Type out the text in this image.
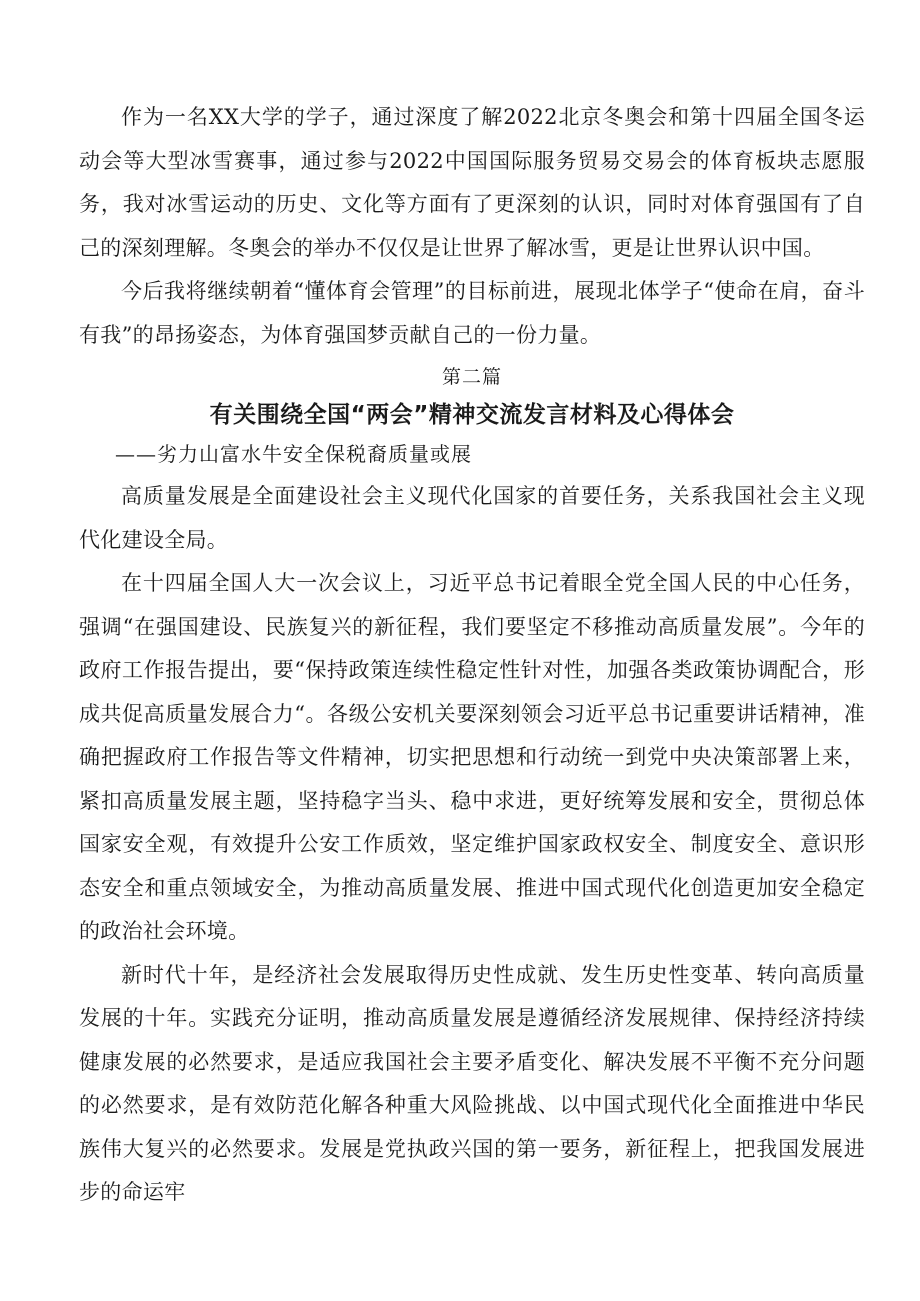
作为一名XX大学的学子，通过深度了解2022北京冬奥会和第十四届全国冬运动会等大型冰雪赛事，通过参与2022中国国际服务贸易交易会的体育板块志愿服务，我对冰雪运动的历史、文化等方面有了更深刻的认识，同时对体育强国有了自己的深刻理解。冬奥会的举办不仅仅是让世界了解冰雪，更是让世界认识中国。

今后我将继续朝着“懂体育会管理”的目标前进，展现北体学子“使命在肩，奋斗有我”的昂扬姿态，为体育强国梦贡献自己的一份力量。

第二篇

有关围绕全国“两会”精神交流发言材料及心得体会

——劣力山富水牛安全保税裔质量或展

高质量发展是全面建设社会主义现代化国家的首要任务，关系我国社会主义现代化建设全局。

在十四届全国人大一次会议上，习近平总书记着眼全党全国人民的中心任务，强调“在强国建设、民族复兴的新征程，我们要坚定不移推动高质量发展”。今年的政府工作报告提出，要“保持政策连续性稳定性针对性，加强各类政策协调配合，形成共促高质量发展合力“。各级公安机关要深刻领会习近平总书记重要讲话精神，准确把握政府工作报告等文件精神，切实把思想和行动统一到党中央决策部署上来，紧扣高质量发展主题，坚持稳字当头、稳中求进，更好统筹发展和安全，贯彻总体国家安全观，有效提升公安工作质效，坚定维护国家政权安全、制度安全、意识形态安全和重点领域安全，为推动高质量发展、推进中国式现代化创造更加安全稳定的政治社会环境。

新时代十年，是经济社会发展取得历史性成就、发生历史性变革、转向高质量发展的十年。实践充分证明，推动高质量发展是遵循经济发展规律、保持经济持续健康发展的必然要求，是适应我国社会主要矛盾变化、解决发展不平衡不充分问题的必然要求，是有效防范化解各种重大风险挑战、以中国式现代化全面推进中华民族伟大复兴的必然要求。发展是党执政兴国的第一要务，新征程上，把我国发展进步的命运牢
